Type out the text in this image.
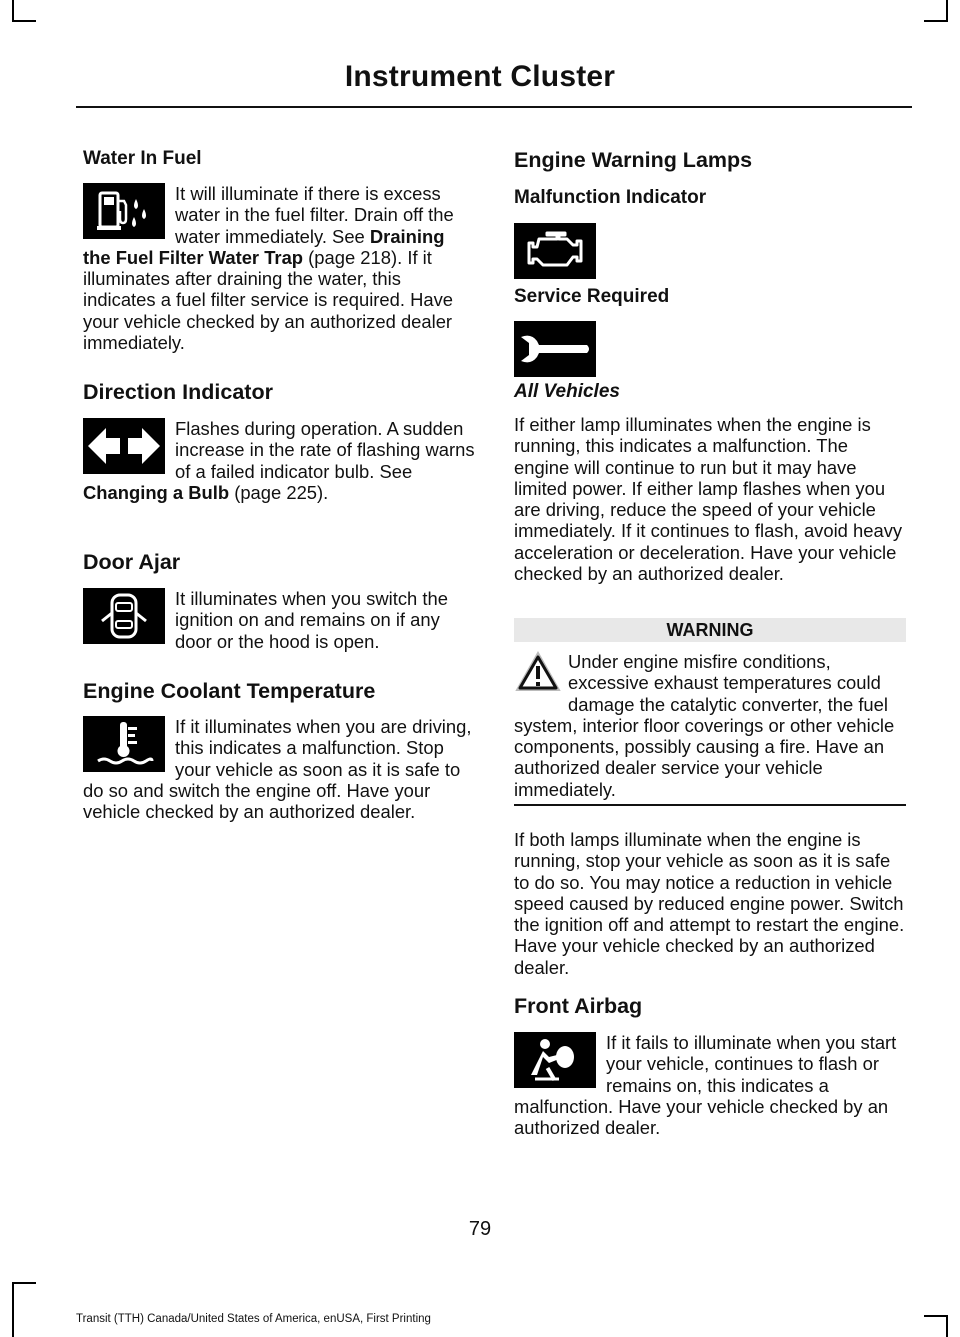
Instrument Cluster
Water In Fuel
It will illuminate if there is excess water in the fuel filter. Drain off the water immediately. See Draining the Fuel Filter Water Trap (page 218). If it illuminates after draining the water, this indicates a fuel filter service is required. Have your vehicle checked by an authorized dealer immediately.
Direction Indicator
Flashes during operation. A sudden increase in the rate of flashing warns of a failed indicator bulb. See Changing a Bulb (page 225).
Door Ajar
It illuminates when you switch the ignition on and remains on if any door or the hood is open.
Engine Coolant Temperature
If it illuminates when you are driving, this indicates a malfunction. Stop your vehicle as soon as it is safe to do so and switch the engine off. Have your vehicle checked by an authorized dealer.
Engine Warning Lamps
Malfunction Indicator
Service Required
All Vehicles
If either lamp illuminates when the engine is running, this indicates a malfunction. The engine will continue to run but it may have limited power. If either lamp flashes when you are driving, reduce the speed of your vehicle immediately. If it continues to flash, avoid heavy acceleration or deceleration. Have your vehicle checked by an authorized dealer.
WARNING
Under engine misfire conditions, excessive exhaust temperatures could damage the catalytic converter, the fuel system, interior floor coverings or other vehicle components, possibly causing a fire. Have an authorized dealer service your vehicle immediately.
If both lamps illuminate when the engine is running, stop your vehicle as soon as it is safe to do so. You may notice a reduction in vehicle speed caused by reduced engine power. Switch the ignition off and attempt to restart the engine. Have your vehicle checked by an authorized dealer.
Front Airbag
If it fails to illuminate when you start your vehicle, continues to flash or remains on, this indicates a malfunction. Have your vehicle checked by an authorized dealer.
79
Transit (TTH) Canada/United States of America, enUSA, First Printing
